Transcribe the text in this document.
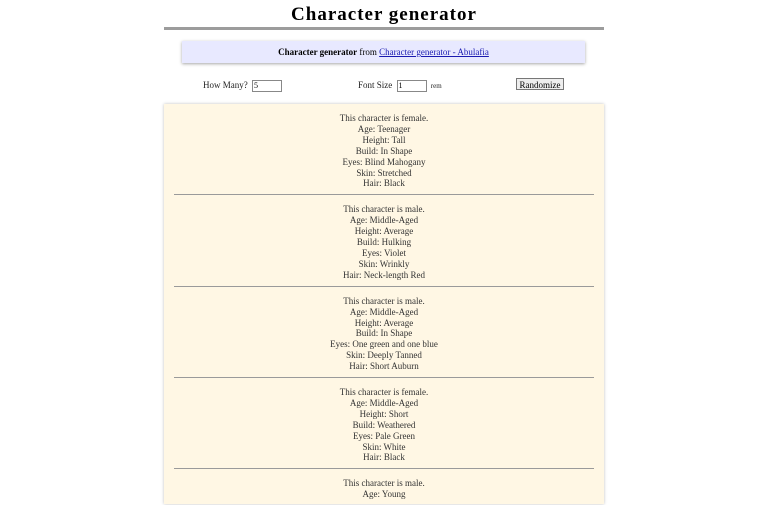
Character generator
Character generator from Character generator - Abulafia
How Many? 5	Font Size 1	rem	Randomize
This character is female.
Age: Teenager
Height: Tall
Build: In Shape
Eyes: Blind Mahogany
Skin: Stretched
Hair: Black
This character is male.
Age: Middle-Aged
Height: Average
Build: Hulking
Eyes: Violet
Skin: Wrinkly
Hair: Neck-length Red
This character is male.
Age: Middle-Aged
Height: Average
Build: In Shape
Eyes: One green and one blue
Skin: Deeply Tanned
Hair: Short Auburn
This character is female.
Age: Middle-Aged
Height: Short
Build: Weathered
Eyes: Pale Green
Skin: White
Hair: Black
This character is male.
Age: Young
